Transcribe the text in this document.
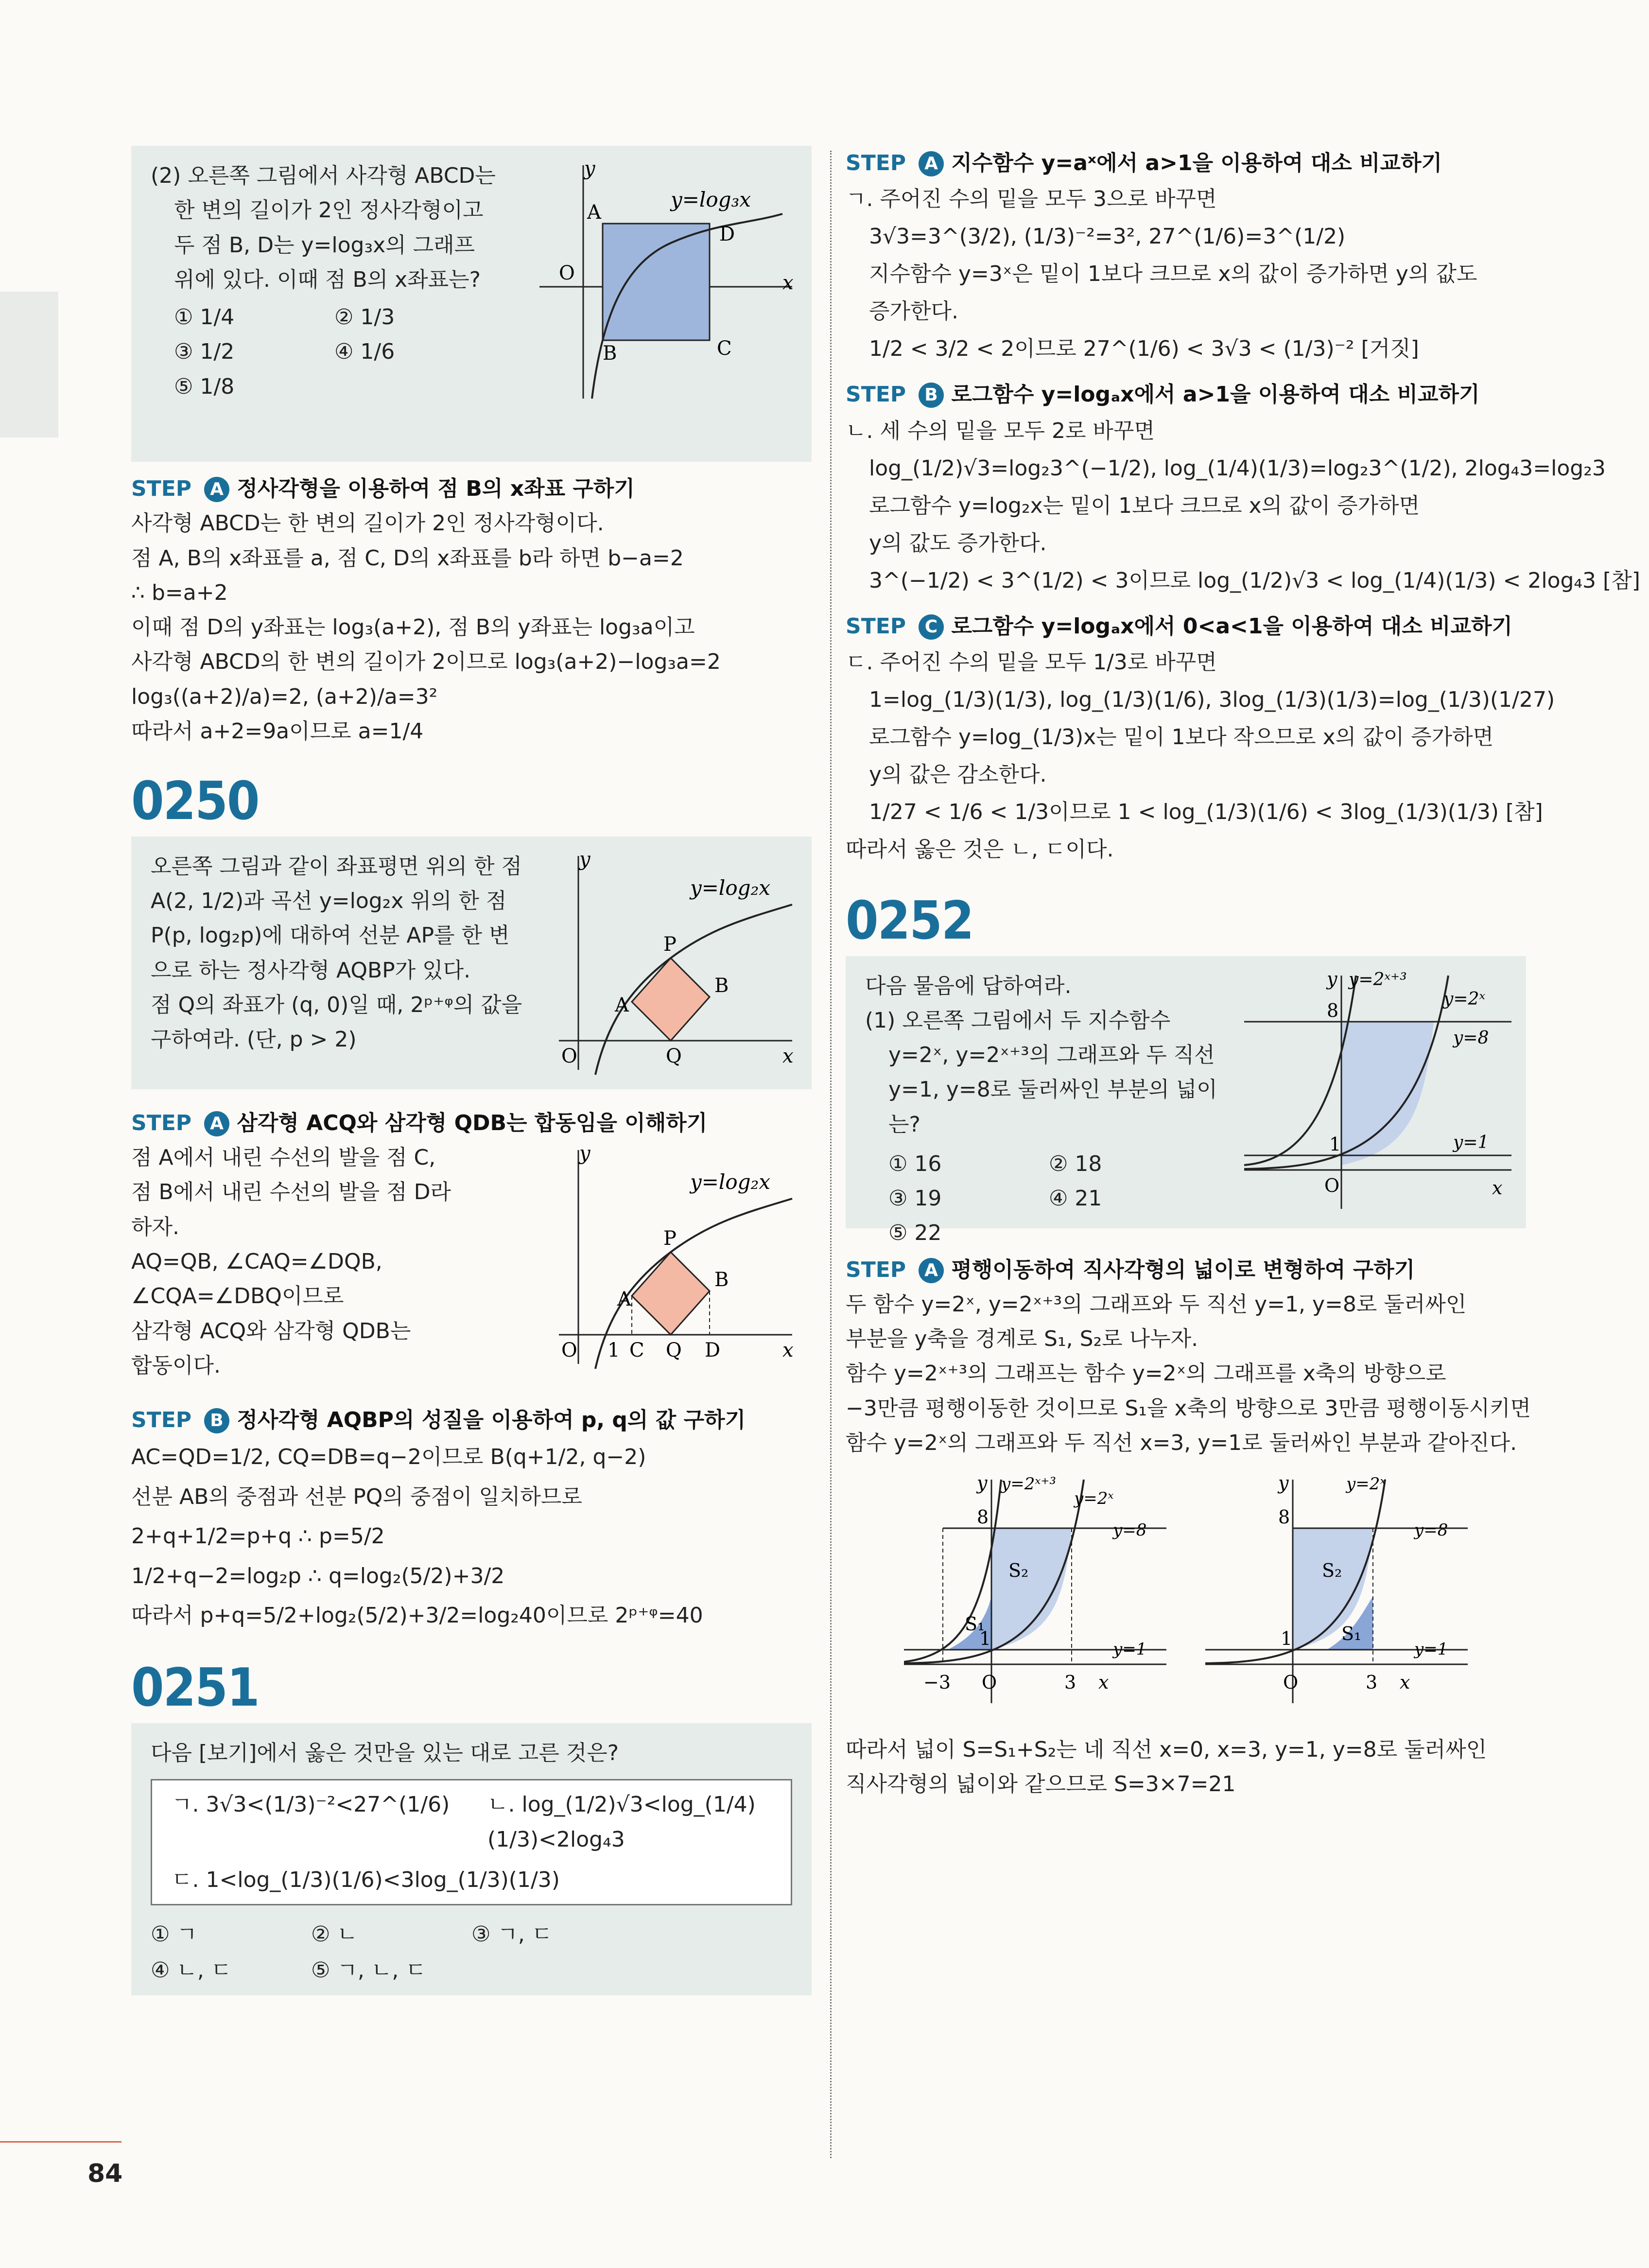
(2) 오른쪽 그림에서 사각형 ABCD는
한 변의 길이가 2인 정사각형이고
두 점 B, D는 y=log₃x의 그래프
위에 있다. 이때 점 B의 x좌표는?
① 1/4	② 1/3
③ 1/2	④ 1/6
⑤ 1/8
y
x
O
A
D
C
B
y=log₃x
STEP A 정사각형을 이용하여 점 B의 x좌표 구하기
사각형 ABCD는 한 변의 길이가 2인 정사각형이다.
점 A, B의 x좌표를 a, 점 C, D의 x좌표를 b라 하면 b−a=2
∴ b=a+2
이때 점 D의 y좌표는 log₃(a+2), 점 B의 y좌표는 log₃a이고
사각형 ABCD의 한 변의 길이가 2이므로 log₃(a+2)−log₃a=2
log₃((a+2)/a)=2, (a+2)/a=3²
따라서 a+2=9a이므로 a=1/4
0250
오른쪽 그림과 같이 좌표평면 위의 한 점
A(2, 1/2)과 곡선 y=log₂x 위의 한 점
P(p, log₂p)에 대하여 선분 AP를 한 변
으로 하는 정사각형 AQBP가 있다.
점 Q의 좌표가 (q, 0)일 때, 2ᵖ⁺ᵠ의 값을
구하여라. (단, p > 2)
y
x
O
A
P
B
Q
y=log₂x
STEP A 삼각형 ACQ와 삼각형 QDB는 합동임을 이해하기
점 A에서 내린 수선의 발을 점 C,
점 B에서 내린 수선의 발을 점 D라
하자.
AQ=QB, ∠CAQ=∠DQB,
∠CQA=∠DBQ이므로
삼각형 ACQ와 삼각형 QDB는
합동이다.
y
x
O
A
P
B
1 C Q D
y=log₂x
STEP B 정사각형 AQBP의 성질을 이용하여 p, q의 값 구하기
AC=QD=1/2, CQ=DB=q−2이므로 B(q+1/2, q−2)
선분 AB의 중점과 선분 PQ의 중점이 일치하므로
2+q+1/2=p+q ∴ p=5/2
1/2+q−2=log₂p ∴ q=log₂(5/2)+3/2
따라서 p+q=5/2+log₂(5/2)+3/2=log₂40이므로 2ᵖ⁺ᵠ=40
0251
다음 [보기]에서 옳은 것만을 있는 대로 고른 것은?
ㄱ. 3√3<(1/3)⁻²<27^(1/6)	ㄴ. log_(1/2)√3<log_(1/4)(1/3)<2log₄3
ㄷ. 1<log_(1/3)(1/6)<3log_(1/3)(1/3)
① ㄱ	② ㄴ	③ ㄱ, ㄷ
④ ㄴ, ㄷ	⑤ ㄱ, ㄴ, ㄷ
STEP A 지수함수 y=aˣ에서 a>1을 이용하여 대소 비교하기
ㄱ. 주어진 수의 밑을 모두 3으로 바꾸면
3√3=3^(3/2), (1/3)⁻²=3², 27^(1/6)=3^(1/2)
지수함수 y=3ˣ은 밑이 1보다 크므로 x의 값이 증가하면 y의 값도
증가한다.
1/2 < 3/2 < 2이므로 27^(1/6) < 3√3 < (1/3)⁻² [거짓]
STEP B 로그함수 y=logₐx에서 a>1을 이용하여 대소 비교하기
ㄴ. 세 수의 밑을 모두 2로 바꾸면
log_(1/2)√3=log₂3^(−1/2), log_(1/4)(1/3)=log₂3^(1/2), 2log₄3=log₂3
로그함수 y=log₂x는 밑이 1보다 크므로 x의 값이 증가하면
y의 값도 증가한다.
3^(−1/2) < 3^(1/2) < 3이므로 log_(1/2)√3 < log_(1/4)(1/3) < 2log₄3 [참]
STEP C 로그함수 y=logₐx에서 0<a<1을 이용하여 대소 비교하기
ㄷ. 주어진 수의 밑을 모두 1/3로 바꾸면
1=log_(1/3)(1/3), log_(1/3)(1/6), 3log_(1/3)(1/3)=log_(1/3)(1/27)
로그함수 y=log_(1/3)x는 밑이 1보다 작으므로 x의 값이 증가하면
y의 값은 감소한다.
1/27 < 1/6 < 1/3이므로 1 < log_(1/3)(1/6) < 3log_(1/3)(1/3) [참]
따라서 옳은 것은 ㄴ, ㄷ이다.
0252
다음 물음에 답하여라.
(1) 오른쪽 그림에서 두 지수함수
y=2ˣ, y=2ˣ⁺³의 그래프와 두 직선
y=1, y=8로 둘러싸인 부분의 넓이
는?
① 16	② 18
③ 19	④ 21
⑤ 22
y
x
O
8
1
y=2ˣ⁺³
y=2ˣ
y=8
y=1
STEP A 평행이동하여 직사각형의 넓이로 변형하여 구하기
두 함수 y=2ˣ, y=2ˣ⁺³의 그래프와 두 직선 y=1, y=8로 둘러싸인
부분을 y축을 경계로 S₁, S₂로 나누자.
함수 y=2ˣ⁺³의 그래프는 함수 y=2ˣ의 그래프를 x축의 방향으로
−3만큼 평행이동한 것이므로 S₁을 x축의 방향으로 3만큼 평행이동시키면
함수 y=2ˣ의 그래프와 두 직선 x=3, y=1로 둘러싸인 부분과 같아진다.
y
x
−3 O	3
8
1
S₂
S₁
y=2ˣ⁺³
y=2ˣ
y=8
y=1
y
x
O	3
8
1
S₂
S₁
y=2ˣ
y=8
y=1
따라서 넓이 S=S₁+S₂는 네 직선 x=0, x=3, y=1, y=8로 둘러싸인
직사각형의 넓이와 같으므로 S=3×7=21
84
